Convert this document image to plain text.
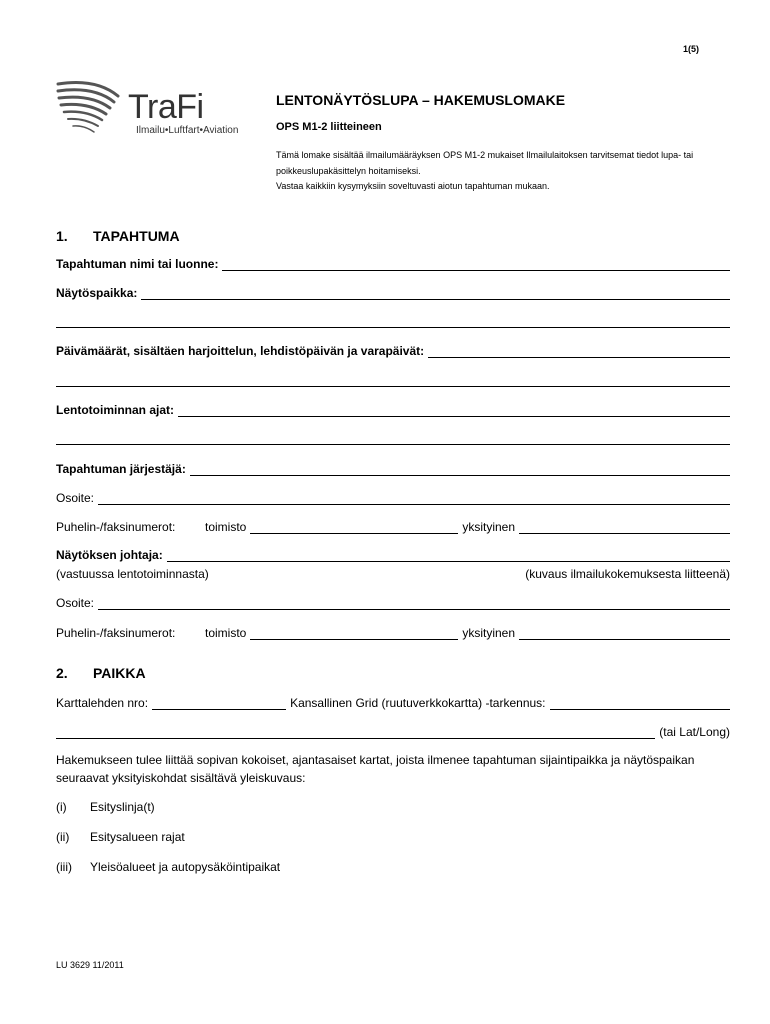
1(5)
TraFi
Ilmailu•Luftfart•Aviation
LENTONÄYTÖSLUPA – HAKEMUSLOMAKE
OPS M1-2 liitteineen
Tämä lomake sisältää ilmailumääräyksen OPS M1-2 mukaiset Ilmailulaitoksen tarvitsemat tiedot lupa- tai poikkeuslupakäsittelyn hoitamiseksi.
Vastaa kaikkiin kysymyksiin soveltuvasti aiotun tapahtuman mukaan.
1. TAPAHTUMA
Tapahtuman nimi tai luonne:
Näytöspaikka:
Päivämäärät, sisältäen harjoittelun, lehdistöpäivän ja varapäivät:
Lentotoiminnan ajat:
Tapahtuman järjestäjä:
Osoite:
Puhelin-/faksinumerot:	toimisto	yksityinen
Näytöksen johtaja:
(vastuussa lentotoiminnasta)	(kuvaus ilmailukokemuksesta liitteenä)
Osoite:
Puhelin-/faksinumerot:	toimisto	yksityinen
2. PAIKKA
Karttalehden nro:	Kansallinen Grid (ruutuverkkokartta) -tarkennus:
(tai Lat/Long)
Hakemukseen tulee liittää sopivan kokoiset, ajantasaiset kartat, joista ilmenee tapahtuman sijaintipaikka ja näytöspaikan seuraavat yksityiskohdat sisältävä yleiskuvaus:
(i) Esityslinja(t)
(ii) Esitysalueen rajat
(iii) Yleisöalueet ja autopysäköintipaikat
LU 3629 11/2011
